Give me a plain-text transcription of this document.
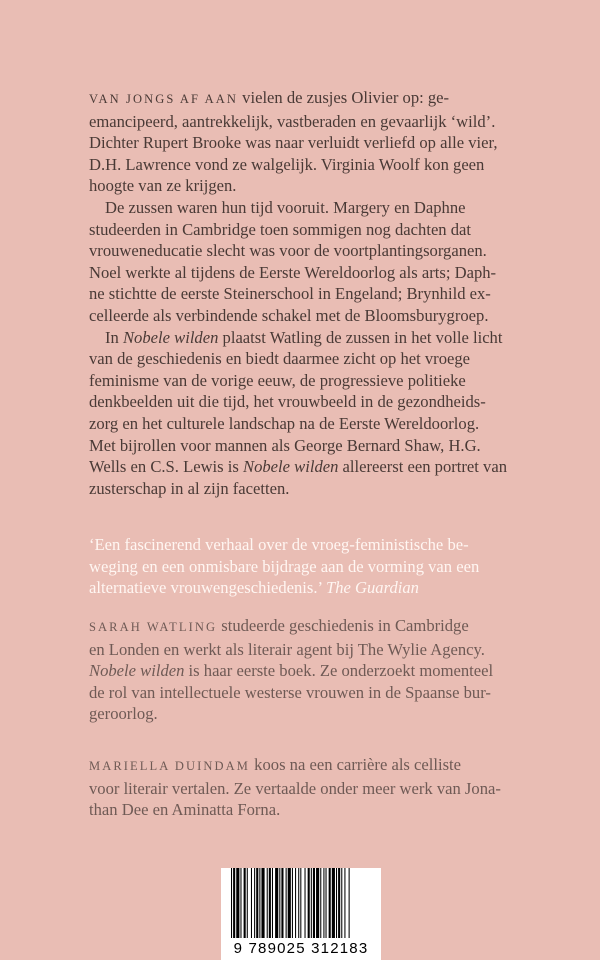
VAN JONGS AF AAN vielen de zusjes Olivier op: ge-
emancipeerd, aantrekkelijk, vastberaden en gevaarlijk ‘wild’.
Dichter Rupert Brooke was naar verluidt verliefd op alle vier,
D.H. Lawrence vond ze walgelijk. Virginia Woolf kon geen
hoogte van ze krijgen.
De zussen waren hun tijd vooruit. Margery en Daphne
studeerden in Cambridge toen sommigen nog dachten dat
vrouweneducatie slecht was voor de voortplantingsorganen.
Noel werkte al tijdens de Eerste Wereldoorlog als arts; Daph-
ne stichtte de eerste Steinerschool in Engeland; Brynhild ex-
celleerde als verbindende schakel met de Bloomsburygroep.
In Nobele wilden plaatst Watling de zussen in het volle licht
van de geschiedenis en biedt daarmee zicht op het vroege
feminisme van de vorige eeuw, de progressieve politieke
denkbeelden uit die tijd, het vrouwbeeld in de gezondheids-
zorg en het culturele landschap na de Eerste Wereldoorlog.
Met bijrollen voor mannen als George Bernard Shaw, H.G.
Wells en C.S. Lewis is Nobele wilden allereerst een portret van
zusterschap in al zijn facetten.
‘Een fascinerend verhaal over de vroeg-feministische be-
weging en een onmisbare bijdrage aan de vorming van een
alternatieve vrouwengeschiedenis.’ The Guardian
SARAH WATLING studeerde geschiedenis in Cambridge
en Londen en werkt als literair agent bij The Wylie Agency.
Nobele wilden is haar eerste boek. Ze onderzoekt momenteel
de rol van intellectuele westerse vrouwen in de Spaanse bur-
geroorlog.
MARIELLA DUINDAM koos na een carrière als celliste
voor literair vertalen. Ze vertaalde onder meer werk van Jona-
than Dee en Aminatta Forna.
9 789025 312183
